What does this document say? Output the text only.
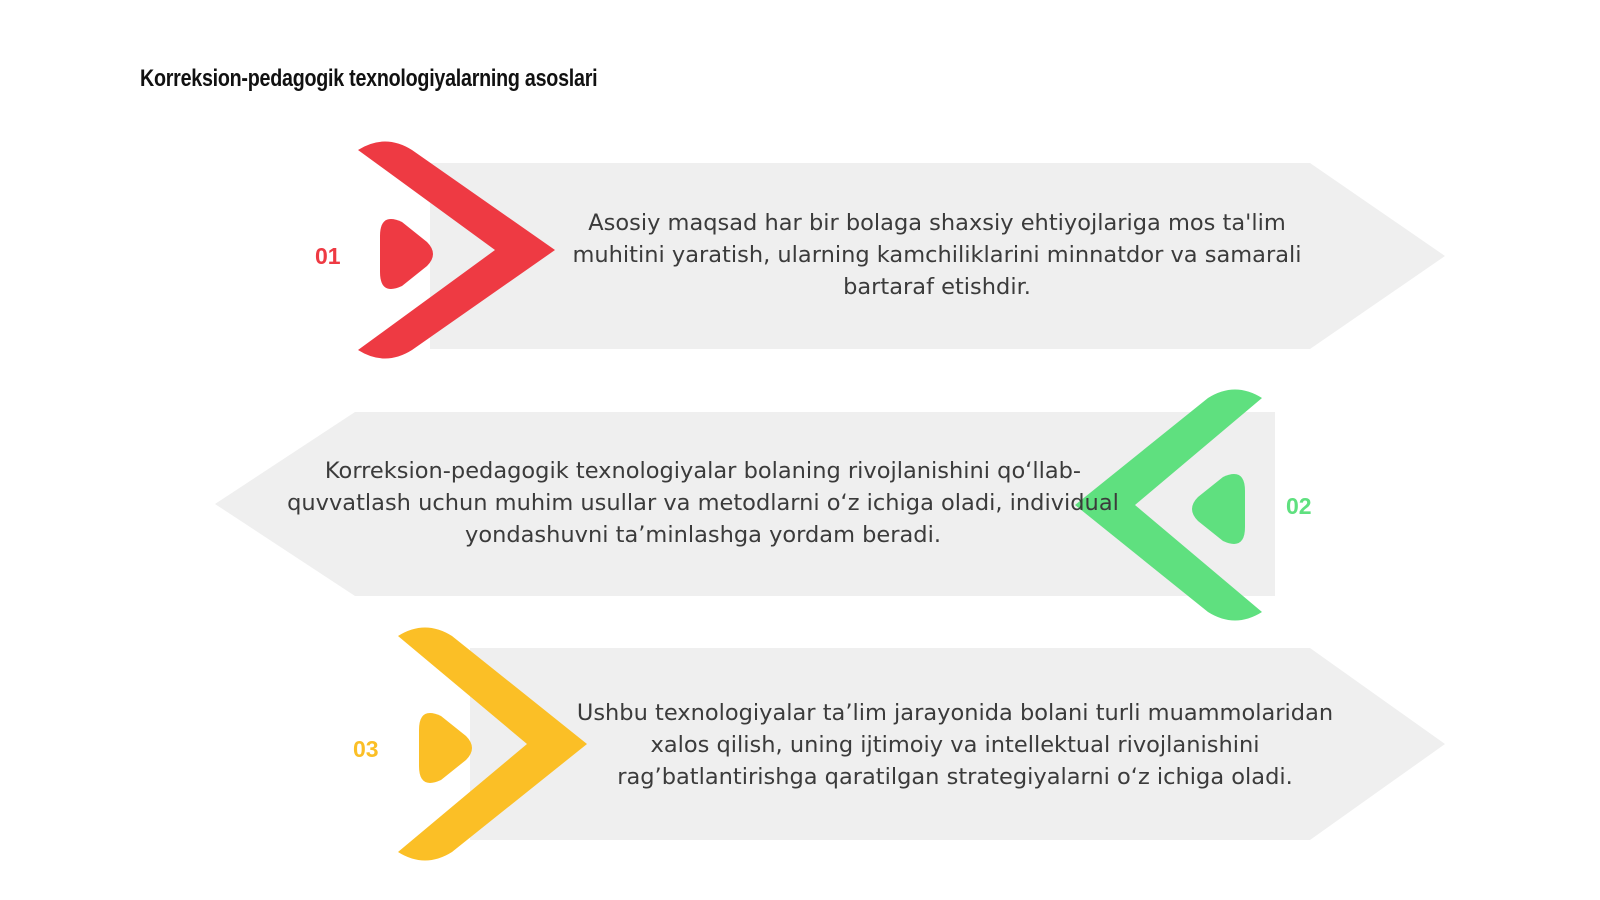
Korreksion-pedagogik texnologiyalarning asoslari
01
02
03

Asosiy maqsad har bir bolaga shaxsiy ehtiyojlariga mos ta'lim muhitini yaratish, ularning kamchiliklarini minnatdor va samarali bartaraf etishdir.

Korreksion-pedagogik texnologiyalar bolaning rivojlanishini qo‘llab-quvvatlash uchun muhim usullar va metodlarni o‘z ichiga oladi, individual yondashuvni ta’minlashga yordam beradi.

Ushbu texnologiyalar ta’lim jarayonida bolani turli muammolaridan xalos qilish, uning ijtimoiy va intellektual rivojlanishini rag’batlantirishga qaratilgan strategiyalarni o‘z ichiga oladi.
